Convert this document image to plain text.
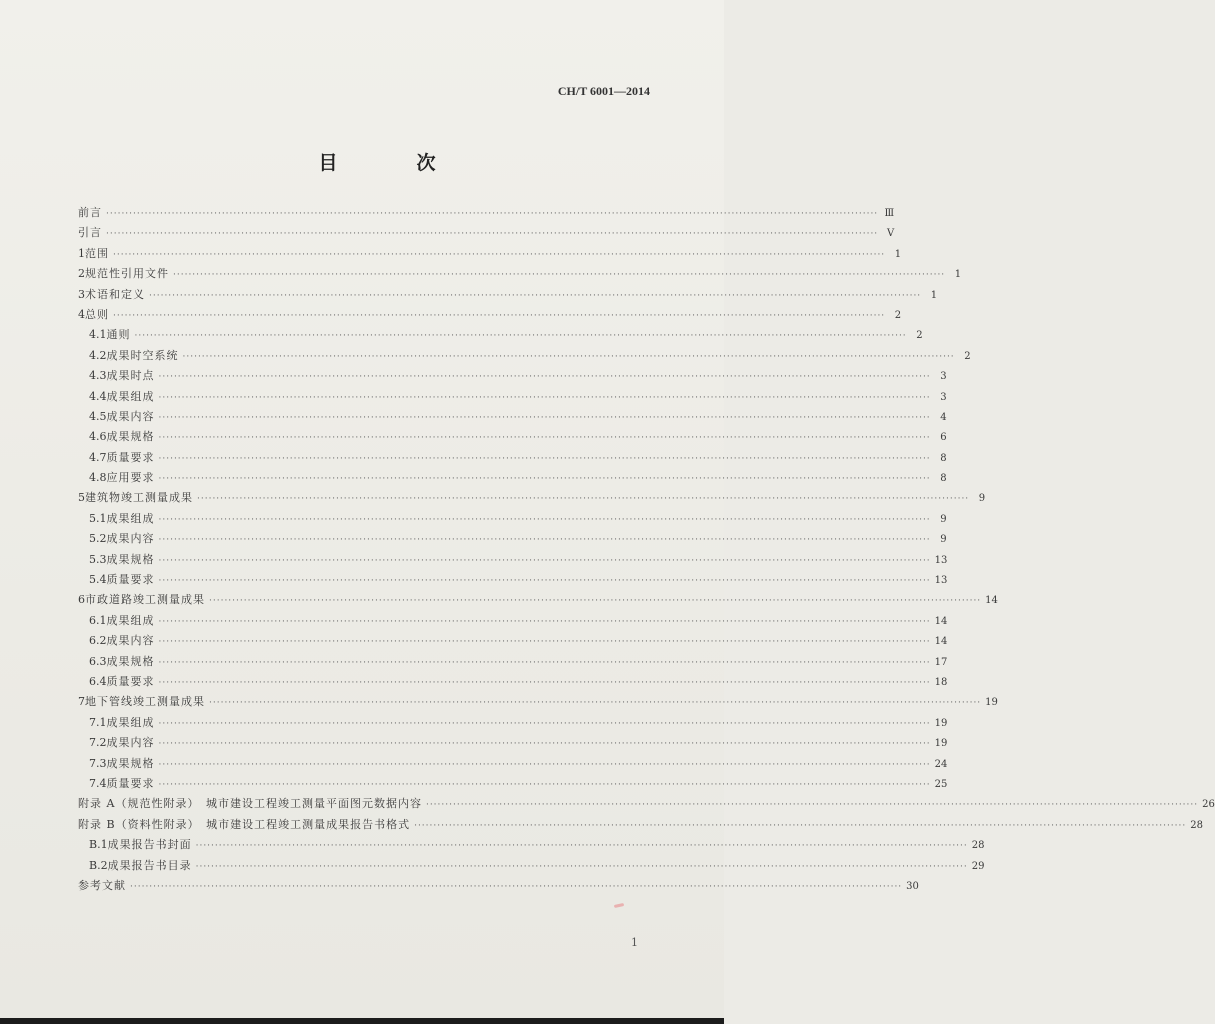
CH/T 6001—2014
目　次
前言 ········································································································································································································ Ⅲ
引言 ········································································································································································································ Ⅴ
1 范围 ········································································································································································································ 1
2 规范性引用文件 ········································································································································································································ 1
3 术语和定义 ········································································································································································································ 1
4 总则 ········································································································································································································ 2
4.1 通则 ········································································································································································································ 2
4.2 成果时空系统 ········································································································································································································ 2
4.3 成果时点 ········································································································································································································ 3
4.4 成果组成 ········································································································································································································ 3
4.5 成果内容 ········································································································································································································ 4
4.6 成果规格 ········································································································································································································ 6
4.7 质量要求 ········································································································································································································ 8
4.8 应用要求 ········································································································································································································ 8
5 建筑物竣工测量成果 ········································································································································································································ 9
5.1 成果组成 ········································································································································································································ 9
5.2 成果内容 ········································································································································································································ 9
5.3 成果规格 ········································································································································································································ 13
5.4 质量要求 ········································································································································································································ 13
6 市政道路竣工测量成果 ········································································································································································································ 14
6.1 成果组成 ········································································································································································································ 14
6.2 成果内容 ········································································································································································································ 14
6.3 成果规格 ········································································································································································································ 17
6.4 质量要求 ········································································································································································································ 18
7 地下管线竣工测量成果 ········································································································································································································ 19
7.1 成果组成 ········································································································································································································ 19
7.2 成果内容 ········································································································································································································ 19
7.3 成果规格 ········································································································································································································ 24
7.4 质量要求 ········································································································································································································ 25
附录 A（规范性附录）　城市建设工程竣工测量平面图元数据内容 ········································································································································································································ 26
附录 B（资料性附录）　城市建设工程竣工测量成果报告书格式 ········································································································································································································ 28
B.1 成果报告书封面 ········································································································································································································ 28
B.2 成果报告书目录 ········································································································································································································ 29
参考文献 ········································································································································································································ 30
1
